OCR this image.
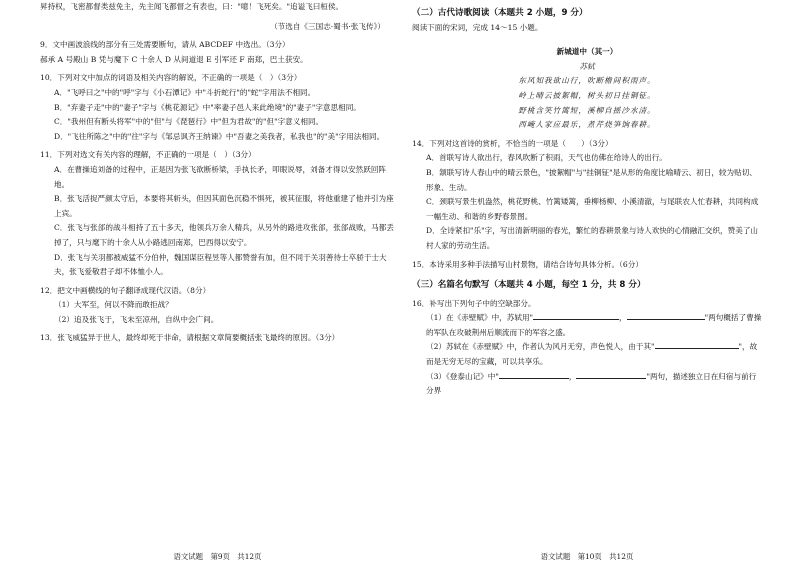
昇持权，飞密都督类兹免主，先主闻飞都督之有表也，曰："噫！飞死矣。"追谥飞曰桓侯。

（节选自《三国志·蜀书·张飞传》）

9．文中画波浪线的部分有三处需要断句，请从 ABCDEF 中选出。（3分）

郝承 A 号殿山 B 凭与魔下 C 十余人 D 从间道退 E 引军还 F 南郑，巴土获安。

10．下列对文中加点的词语及相关内容的解说，不正确的一项是（　）（3分）

A．"飞呼曰之"中的"呼"字与《小石潭记》中"斗折蛇行"的"蛇"字用法不相同。

B．"弃妻子走"中的"妻子"字与《桃花源记》中"率妻子邑人来此绝境"的"妻子"字意思相同。

C．"我州但有断头将军"中的"但"与《琵琶行》中"但为君故"的"但"字意义相同。

D．"飞往所陈之"中的"往"字与《邹忌讽齐王纳谏》中"吾妻之美我者，私我也"的"美"字用法相同。

11．下列对选文有关内容的理解，不正确的一项是（　）（3分）

A．在曹操追刘备的过程中，正是因为张飞欲断桥梁，手执长矛，叩眼说辱，刘备才得以安然跃回阵地。

B．张飞活捉严颜太守后，本要将其斩头，但因其面色沉稳不惧死，被其征服，将他重建了他并引为座上宾。

C．张飞与张郃的战斗相持了五十多天，他领兵万余人精兵，从另外的路进攻张郃，张郃战败，马都丢掉了，只与麾下的十余人从小路逃回南郑，巴西得以安宁。

D．张飞与关羽都被威猛不分伯仲，魏国谋臣程昱等人都赞誉有加，但不同于关羽善待士卒骄于士大夫，张飞爱敬君子却不体恤小人。

12．把文中画横线的句子翻译成现代汉语。（8分）

（1）大军至，何以不降而敢拒战？

（2）追及张飞于，飞未至凉州，自纵中会广间。

13．张飞威猛异于世人，最终却死于非命，请根据文章简要概括张飞最终的原因。（3分）

语文试题　第9页　共12页

（二）古代诗歌阅读（本题共 2 小题，9 分）

阅读下面的宋词，完成 14～15 小题。

新城道中（其一）

苏轼

东风知我欲山行，吹断檐间积雨声。

岭上晴云披絮帽，树头初日挂铜钲。

野桃含笑竹篱短，溪柳自摇沙水清。

西崦人家应最乐，煮芹烧笋饷春耕。

14．下列对这首诗的赏析，不恰当的一项是（　　）（3分）

A．首联写诗人欲出行，春风吹断了积雨，天气也仿佛在给诗人的出行。

B．颔联写诗人春山中的晴云景色，"披絮帽"与"挂铜钲"是从形的角度比喻晴云、初日，较为贴切、形象、生动。

C．颈联写景生机盎然，桃花野桃、竹篱矮篱，垂柳杨柳、小溪清澈，与尾联农人忙春耕，共同构成一幅生动、和谐的乡野春景图。

D．全诗紧扣"乐"字，写出清新明丽的春光，繁忙的春耕景象与诗人欢快的心情融汇交织，赞美了山村人家的劳动生活。

15．本诗采用多种手法描写山村景物，请结合诗句具体分析。（6分）

（三）名篇名句默写（本题共 4 小题，每空 1 分，共 8 分）

16．补写出下列句子中的空缺部分。

（1）在《赤壁赋》中，苏轼用"	，	"两句概括了曹操的军队在攻破荆州后顺流而下的军容之盛。

（2）苏轼在《赤壁赋》中，作者认为风月无穷，声色悦人，由于其"	"，故而是无穷无尽的宝藏，可以共享乐。

（3）《登泰山记》中"	，	"两句，描述独立日在归宿与前行分界

语文试题　第10页　共12页
